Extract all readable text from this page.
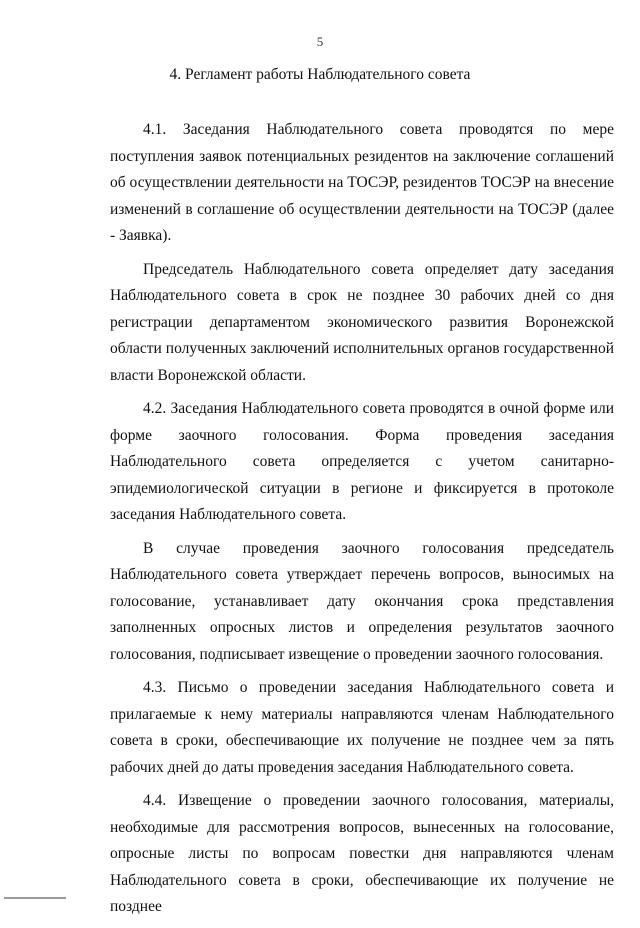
5
4. Регламент работы Наблюдательного совета

4.1. Заседания Наблюдательного совета проводятся по мере поступления заявок потенциальных резидентов на заключение соглашений об осуществлении деятельности на ТОСЭР, резидентов ТОСЭР на внесение изменений в соглашение об осуществлении деятельности на ТОСЭР (далее - Заявка).

Председатель Наблюдательного совета определяет дату заседания Наблюдательного совета в срок не позднее 30 рабочих дней со дня регистрации департаментом экономического развития Воронежской области полученных заключений исполнительных органов государственной власти Воронежской области.

4.2. Заседания Наблюдательного совета проводятся в очной форме или форме заочного голосования. Форма проведения заседания Наблюдательного совета определяется с учетом санитарно-эпидемиологической ситуации в регионе и фиксируется в протоколе заседания Наблюдательного совета.

В случае проведения заочного голосования председатель Наблюдательного совета утверждает перечень вопросов, выносимых на голосование, устанавливает дату окончания срока представления заполненных опросных листов и определения результатов заочного голосования, подписывает извещение о проведении заочного голосования.

4.3. Письмо о проведении заседания Наблюдательного совета и прилагаемые к нему материалы направляются членам Наблюдательного совета в сроки, обеспечивающие их получение не позднее чем за пять рабочих дней до даты проведения заседания Наблюдательного совета.

4.4. Извещение о проведении заочного голосования, материалы, необходимые для рассмотрения вопросов, вынесенных на голосование, опросные листы по вопросам повестки дня направляются членам Наблюдательного совета в сроки, обеспечивающие их получение не позднее
